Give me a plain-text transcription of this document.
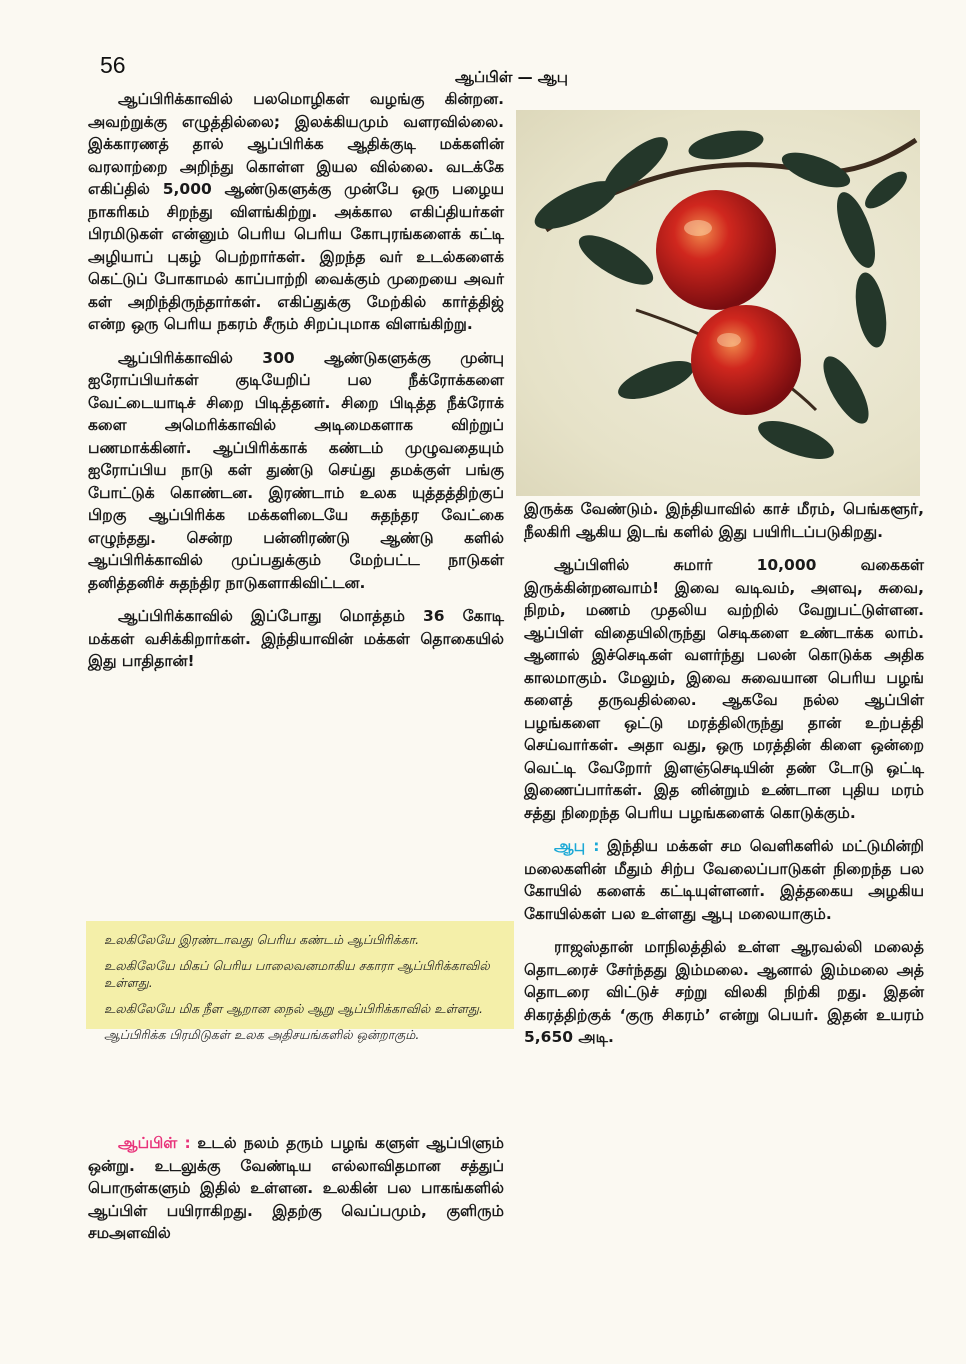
56	ஆப்பிள் — ஆபு

ஆப்பிரிக்காவில் பலமொழிகள் வழங்கு கின்றன. அவற்றுக்கு எழுத்தில்லை; இலக்கியமும் வளரவில்லை. இக்காரணத் தால் ஆப்பிரிக்க ஆதிக்குடி மக்களின் வரலாற்றை அறிந்து கொள்ள இயல வில்லை. வடக்கே எகிப்தில் 5,000 ஆண்டுகளுக்கு முன்பே ஒரு பழைய நாகரிகம் சிறந்து விளங்கிற்று. அக்கால எகிப்தியர்கள் பிரமிடுகள் என்னும் பெரிய பெரிய கோபுரங்களைக் கட்டி அழியாப் புகழ் பெற்றார்கள். இறந்த வர் உடல்களைக் கெட்டுப் போகாமல் காப்பாற்றி வைக்கும் முறையை அவர் கள் அறிந்திருந்தார்கள். எகிப்துக்கு மேற்கில் கார்த்திஜ் என்ற ஒரு பெரிய நகரம் சீரும் சிறப்புமாக விளங்கிற்று.

ஆப்பிரிக்காவில் 300 ஆண்டுகளுக்கு முன்பு ஐரோப்பியர்கள் குடியேறிப் பல நீக்ரோக்களை வேட்டையாடிச் சிறை பிடித்தனர். சிறை பிடித்த நீக்ரோக் களை அமெரிக்காவில் அடிமைகளாக விற்றுப் பணமாக்கினர். ஆப்பிரிக்காக் கண்டம் முழுவதையும் ஐரோப்பிய நாடு கள் துண்டு செய்து தமக்குள் பங்கு போட்டுக் கொண்டன. இரண்டாம் உலக யுத்தத்திற்குப் பிறகு ஆப்பிரிக்க மக்களிடையே சுதந்தர வேட்கை எழுந்தது. சென்ற பன்னிரண்டு ஆண்டு களில் ஆப்பிரிக்காவில் முப்பதுக்கும் மேற்பட்ட நாடுகள் தனித்தனிச் சுதந்திர நாடுகளாகிவிட்டன.

ஆப்பிரிக்காவில் இப்போது மொத்தம் 36 கோடி மக்கள் வசிக்கிறார்கள். இந்தியாவின் மக்கள் தொகையில் இது பாதிதான்!

உலகிலேயே இரண்டாவது பெரிய கண்டம் ஆப்பிரிக்கா.

உலகிலேயே மிகப் பெரிய பாலைவனமாகிய சகாரா ஆப்பிரிக்காவில் உள்ளது.

உலகிலேயே மிக நீள ஆறான நைல் ஆறு ஆப்பிரிக்காவில் உள்ளது.

ஆப்பிரிக்க பிரமிடுகள் உலக அதிசயங்களில் ஒன்றாகும்.

ஆப்பிள் : உடல் நலம் தரும் பழங் களுள் ஆப்பிளும் ஒன்று. உடலுக்கு வேண்டிய எல்லாவிதமான சத்துப் பொருள்களும் இதில் உள்ளன. உலகின் பல பாகங்களில் ஆப்பிள் பயிராகிறது. இதற்கு வெப்பமும், குளிரும் சமஅளவில்

இருக்க வேண்டும். இந்தியாவில் காச் மீரம், பெங்களூர், நீலகிரி ஆகிய இடங் களில் இது பயிரிடப்படுகிறது.

ஆப்பிளில் சுமார் 10,000 வகைகள் இருக்கின்றனவாம்! இவை வடிவம், அளவு, சுவை, நிறம், மணம் முதலிய வற்றில் வேறுபட்டுள்ளன. ஆப்பிள் விதையிலிருந்து செடிகளை உண்டாக்க லாம். ஆனால் இச்செடிகள் வளர்ந்து பலன் கொடுக்க அதிக காலமாகும். மேலும், இவை சுவையான பெரிய பழங் களைத் தருவதில்லை. ஆகவே நல்ல ஆப்பிள் பழங்களை ஒட்டு மரத்திலிருந்து தான் உற்பத்தி செய்வார்கள். அதா வது, ஒரு மரத்தின் கிளை ஒன்றை வெட்டி வேறோர் இளஞ்செடியின் தண் டோடு ஒட்டி இணைப்பார்கள். இத னின்றும் உண்டான புதிய மரம் சத்து நிறைந்த பெரிய பழங்களைக் கொடுக்கும்.

ஆபு : இந்திய மக்கள் சம வெளிகளில் மட்டுமின்றி மலைகளின் மீதும் சிற்ப வேலைப்பாடுகள் நிறைந்த பல கோயில் களைக் கட்டியுள்ளனர். இத்தகைய அழகிய கோயில்கள் பல உள்ளது ஆபு மலையாகும்.

ராஜஸ்தான் மாநிலத்தில் உள்ள ஆரவல்லி மலைத் தொடரைச் சேர்ந்தது இம்மலை. ஆனால் இம்மலை அத் தொடரை விட்டுச் சற்று விலகி நிற்கி றது. இதன் சிகரத்திற்குக் ‘குரு சிகரம்’ என்று பெயர். இதன் உயரம் 5,650 அடி.
